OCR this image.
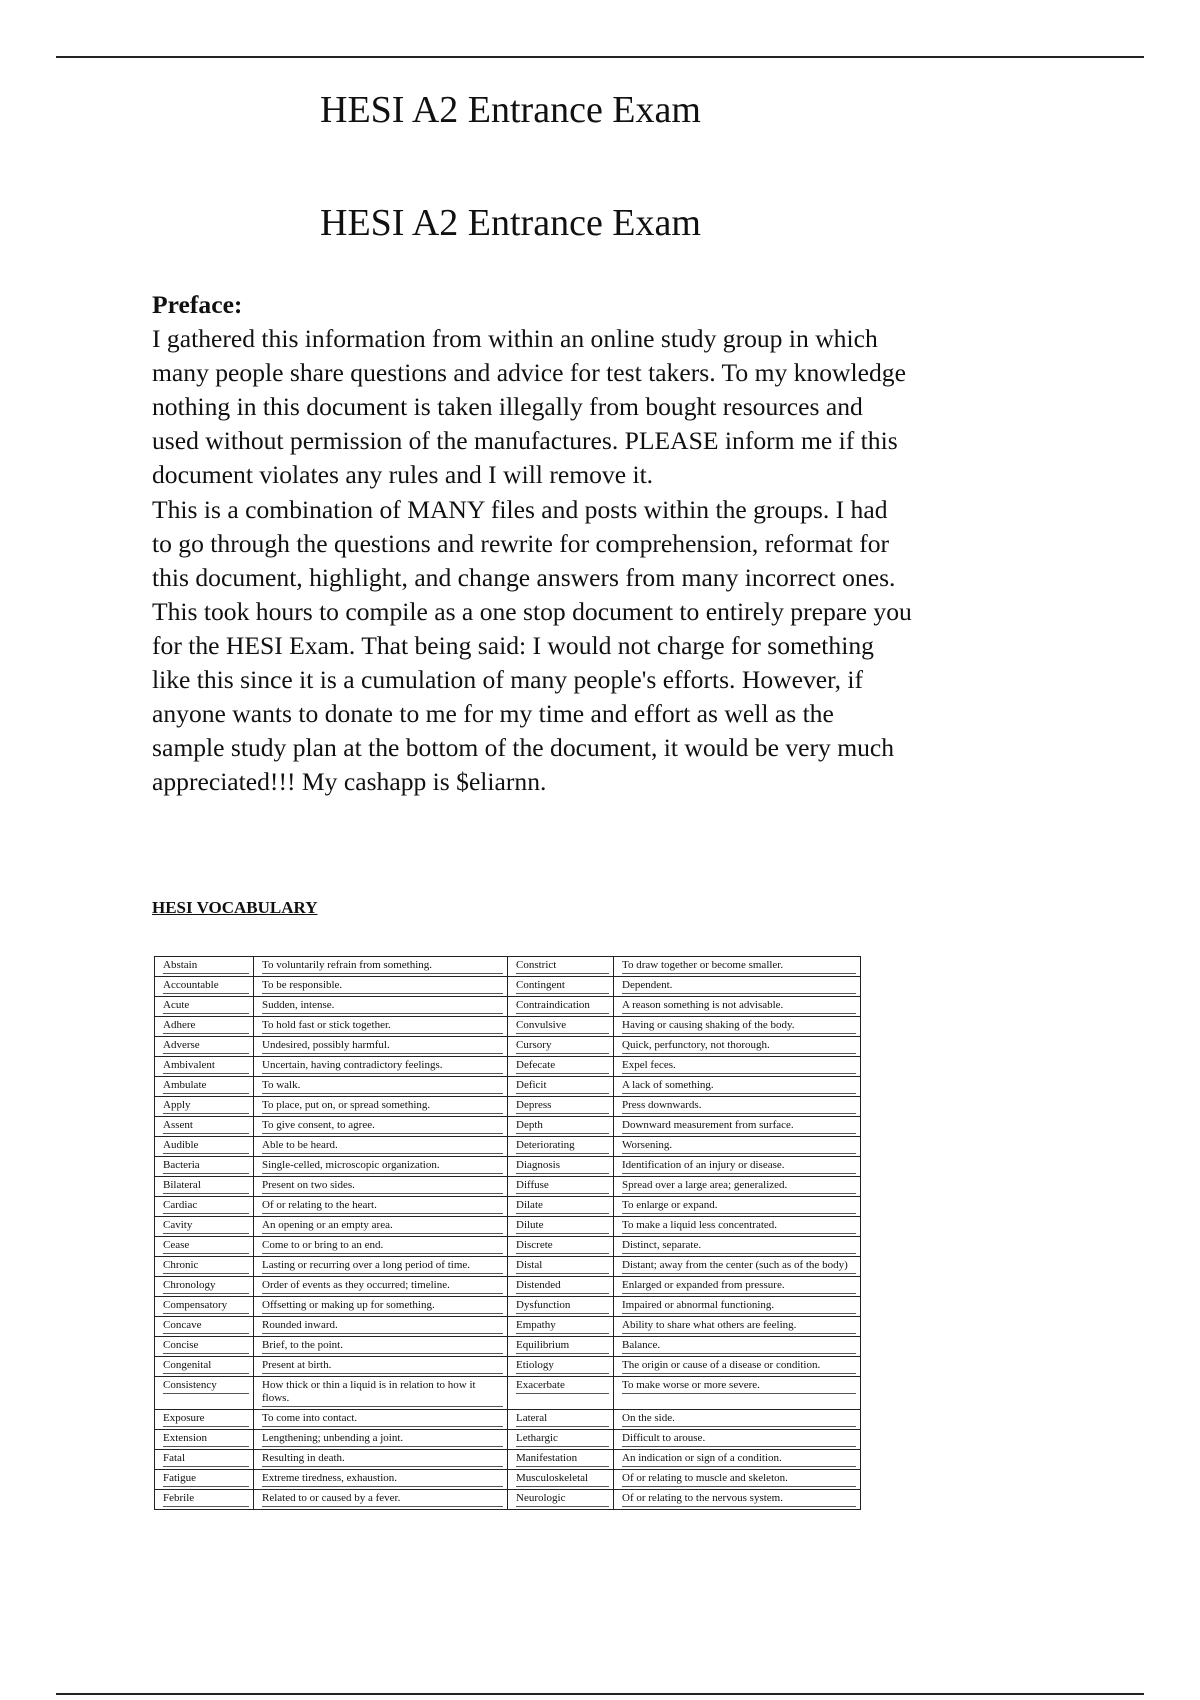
HESI A2 Entrance Exam
HESI A2 Entrance Exam
Preface:

I gathered this information from within an online study group in which many people share questions and advice for test takers. To my knowledge nothing in this document is taken illegally from bought resources and used without permission of the manufactures. PLEASE inform me if this document violates any rules and I will remove it.

This is a combination of MANY files and posts within the groups. I had to go through the questions and rewrite for comprehension, reformat for this document, highlight, and change answers from many incorrect ones. This took hours to compile as a one stop document to entirely prepare you for the HESI Exam. That being said: I would not charge for something like this since it is a cumulation of many people's efforts. However, if anyone wants to donate to me for my time and effort as well as the sample study plan at the bottom of the document, it would be very much appreciated!!! My cashapp is $eliarnn.

HESI VOCABULARY
Abstain	To voluntarily refrain from something.	Constrict	To draw together or become smaller.

Accountable	To be responsible.	Contingent	Dependent.

Acute	Sudden, intense.	Contraindication	A reason something is not advisable.

Adhere	To hold fast or stick together.	Convulsive	Having or causing shaking of the body.

Adverse	Undesired, possibly harmful.	Cursory	Quick, perfunctory, not thorough.

Ambivalent	Uncertain, having contradictory feelings.	Defecate	Expel feces.

Ambulate	To walk.	Deficit	A lack of something.

Apply	To place, put on, or spread something.	Depress	Press downwards.

Assent	To give consent, to agree.	Depth	Downward measurement from surface.

Audible	Able to be heard.	Deteriorating	Worsening.

Bacteria	Single-celled, microscopic organization.	Diagnosis	Identification of an injury or disease.

Bilateral	Present on two sides.	Diffuse	Spread over a large area; generalized.

Cardiac	Of or relating to the heart.	Dilate	To enlarge or expand.

Cavity	An opening or an empty area.	Dilute	To make a liquid less concentrated.

Cease	Come to or bring to an end.	Discrete	Distinct, separate.

Chronic	Lasting or recurring over a long period of time.	Distal	Distant; away from the center (such as of the body)

Chronology	Order of events as they occurred; timeline.	Distended	Enlarged or expanded from pressure.

Compensatory	Offsetting or making up for something.	Dysfunction	Impaired or abnormal functioning.

Concave	Rounded inward.	Empathy	Ability to share what others are feeling.

Concise	Brief, to the point.	Equilibrium	Balance.

Congenital	Present at birth.	Etiology	The origin or cause of a disease or condition.

Consistency	How thick or thin a liquid is in relation to how it flows.	Exacerbate	To make worse or more severe.

Exposure	To come into contact.	Lateral	On the side.

Extension	Lengthening; unbending a joint.	Lethargic	Difficult to arouse.

Fatal	Resulting in death.	Manifestation	An indication or sign of a condition.

Fatigue	Extreme tiredness, exhaustion.	Musculoskeletal	Of or relating to muscle and skeleton.

Febrile	Related to or caused by a fever.	Neurologic	Of or relating to the nervous system.
